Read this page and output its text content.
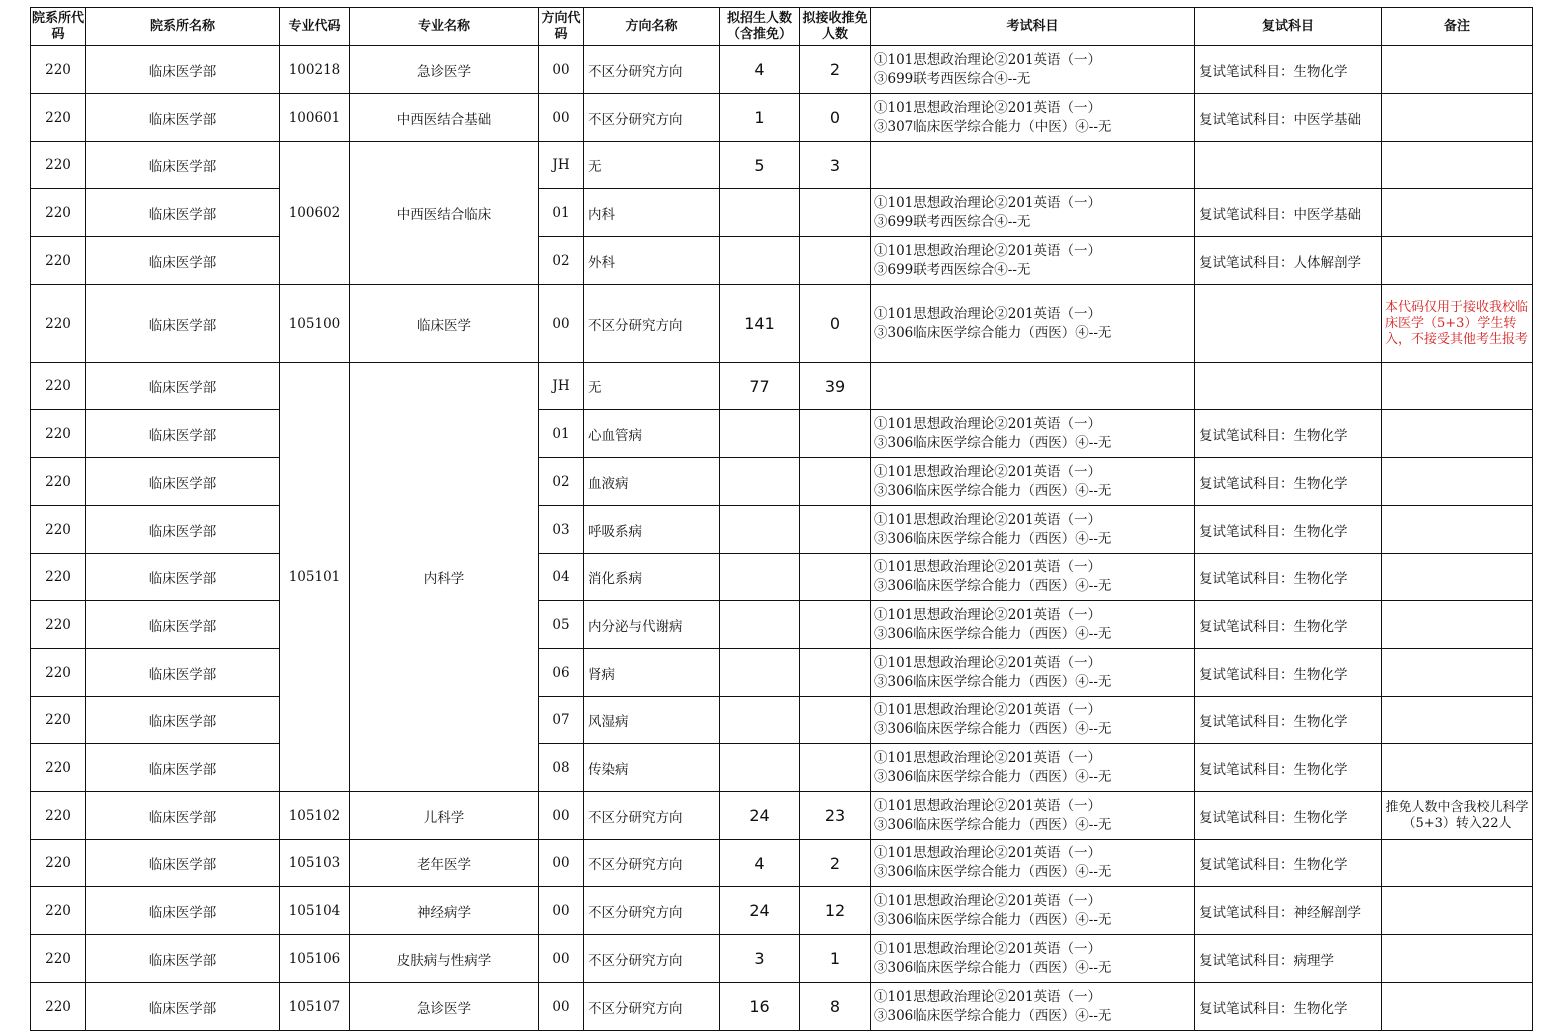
院系所代码	院系所名称	专业代码	专业名称	方向代码	方向名称	拟招生人数（含推免）	拟接收推免人数	考试科目	复试科目	备注
220	临床医学部	100218	急诊医学	00	不区分研究方向	4	2	①101思想政治理论②201英语（一）
③699联考西医综合④--无	复试笔试科目：生物化学	
220	临床医学部	100601	中西医结合基础	00	不区分研究方向	1	0	①101思想政治理论②201英语（一）
③307临床医学综合能力（中医）④--无	复试笔试科目：中医学基础	
220	临床医学部	100602	中西医结合临床	JH	无	5	3	

220	临床医学部			01	内科			①101思想政治理论②201英语（一）
③699联考西医综合④--无	复试笔试科目：中医学基础	
220	临床医学部			02	外科			①101思想政治理论②201英语（一）
③699联考西医综合④--无	复试笔试科目：人体解剖学	
220	临床医学部	105100	临床医学	00	不区分研究方向	141	0	①101思想政治理论②201英语（一）
③306临床医学综合能力（西医）④--无		本代码仅用于接收我校临床医学（5+3）学生转入，不接受其他考生报考
220	临床医学部	105101	内科学	JH	无	77	39	

220	临床医学部			01	心血管病			①101思想政治理论②201英语（一）
③306临床医学综合能力（西医）④--无	复试笔试科目：生物化学	
220	临床医学部			02	血液病			①101思想政治理论②201英语（一）
③306临床医学综合能力（西医）④--无	复试笔试科目：生物化学	
220	临床医学部			03	呼吸系病			①101思想政治理论②201英语（一）
③306临床医学综合能力（西医）④--无	复试笔试科目：生物化学	
220	临床医学部			04	消化系病			①101思想政治理论②201英语（一）
③306临床医学综合能力（西医）④--无	复试笔试科目：生物化学	
220	临床医学部			05	内分泌与代谢病			①101思想政治理论②201英语（一）
③306临床医学综合能力（西医）④--无	复试笔试科目：生物化学	
220	临床医学部			06	肾病			①101思想政治理论②201英语（一）
③306临床医学综合能力（西医）④--无	复试笔试科目：生物化学	
220	临床医学部			07	风湿病			①101思想政治理论②201英语（一）
③306临床医学综合能力（西医）④--无	复试笔试科目：生物化学	
220	临床医学部			08	传染病			①101思想政治理论②201英语（一）
③306临床医学综合能力（西医）④--无	复试笔试科目：生物化学	
220	临床医学部	105102	儿科学	00	不区分研究方向	24	23	①101思想政治理论②201英语（一）
③306临床医学综合能力（西医）④--无	复试笔试科目：生物化学	推免人数中含我校儿科学（5+3）转入22人
220	临床医学部	105103	老年医学	00	不区分研究方向	4	2	①101思想政治理论②201英语（一）
③306临床医学综合能力（西医）④--无	复试笔试科目：生物化学	
220	临床医学部	105104	神经病学	00	不区分研究方向	24	12	①101思想政治理论②201英语（一）
③306临床医学综合能力（西医）④--无	复试笔试科目：神经解剖学	
220	临床医学部	105106	皮肤病与性病学	00	不区分研究方向	3	1	①101思想政治理论②201英语（一）
③306临床医学综合能力（西医）④--无	复试笔试科目：病理学	
220	临床医学部	105107	急诊医学	00	不区分研究方向	16	8	①101思想政治理论②201英语（一）
③306临床医学综合能力（西医）④--无	复试笔试科目：生物化学	
